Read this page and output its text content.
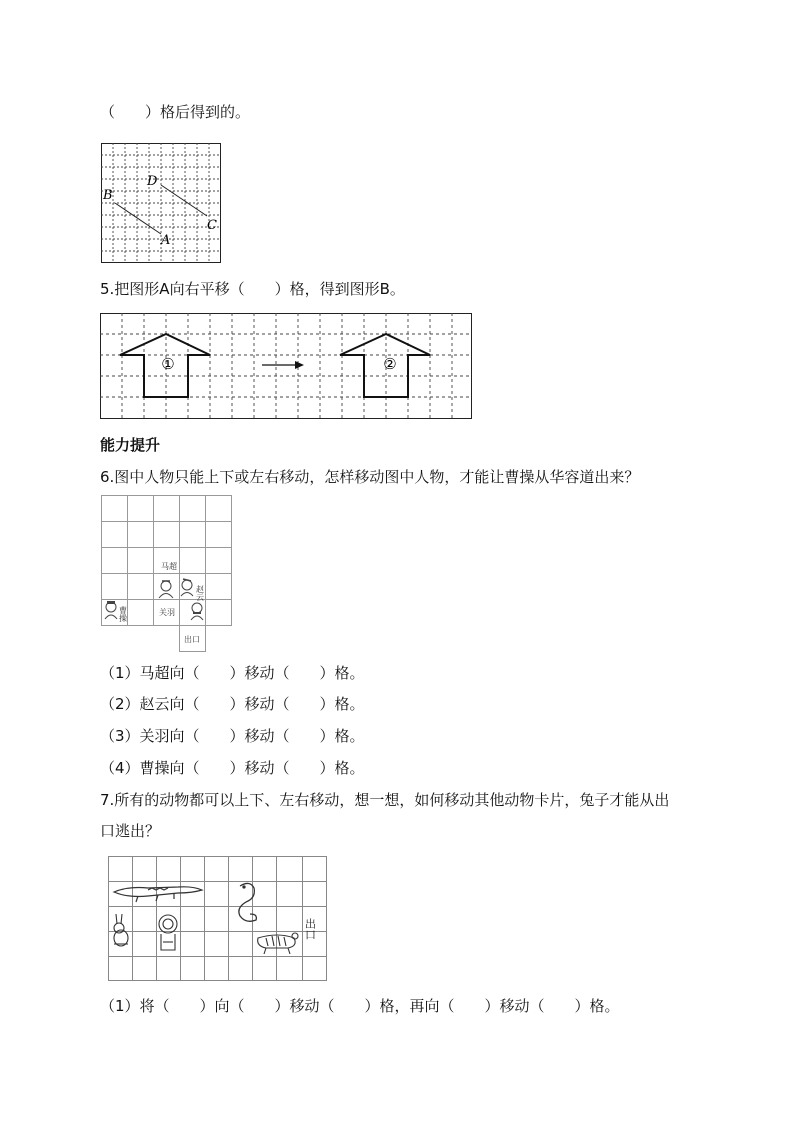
（　　）格后得到的。
D
B
C
A
5.把图形A向右平移（　　）格，得到图形B。
①	②
能力提升
6.图中人物只能上下或左右移动，怎样移动图中人物，才能让曹操从华容道出来？
马超
赵云
曹操	关羽
出口
（1）马超向（　　）移动（　　）格。
（2）赵云向（　　）移动（　　）格。
（3）关羽向（　　）移动（　　）格。
（4）曹操向（　　）移动（　　）格。
7.所有的动物都可以上下、左右移动，想一想，如何移动其他动物卡片，兔子才能从出
口逃出？
出口
（1）将（　　）向（　　）移动（　　）格，再向（　　）移动（　　）格。
